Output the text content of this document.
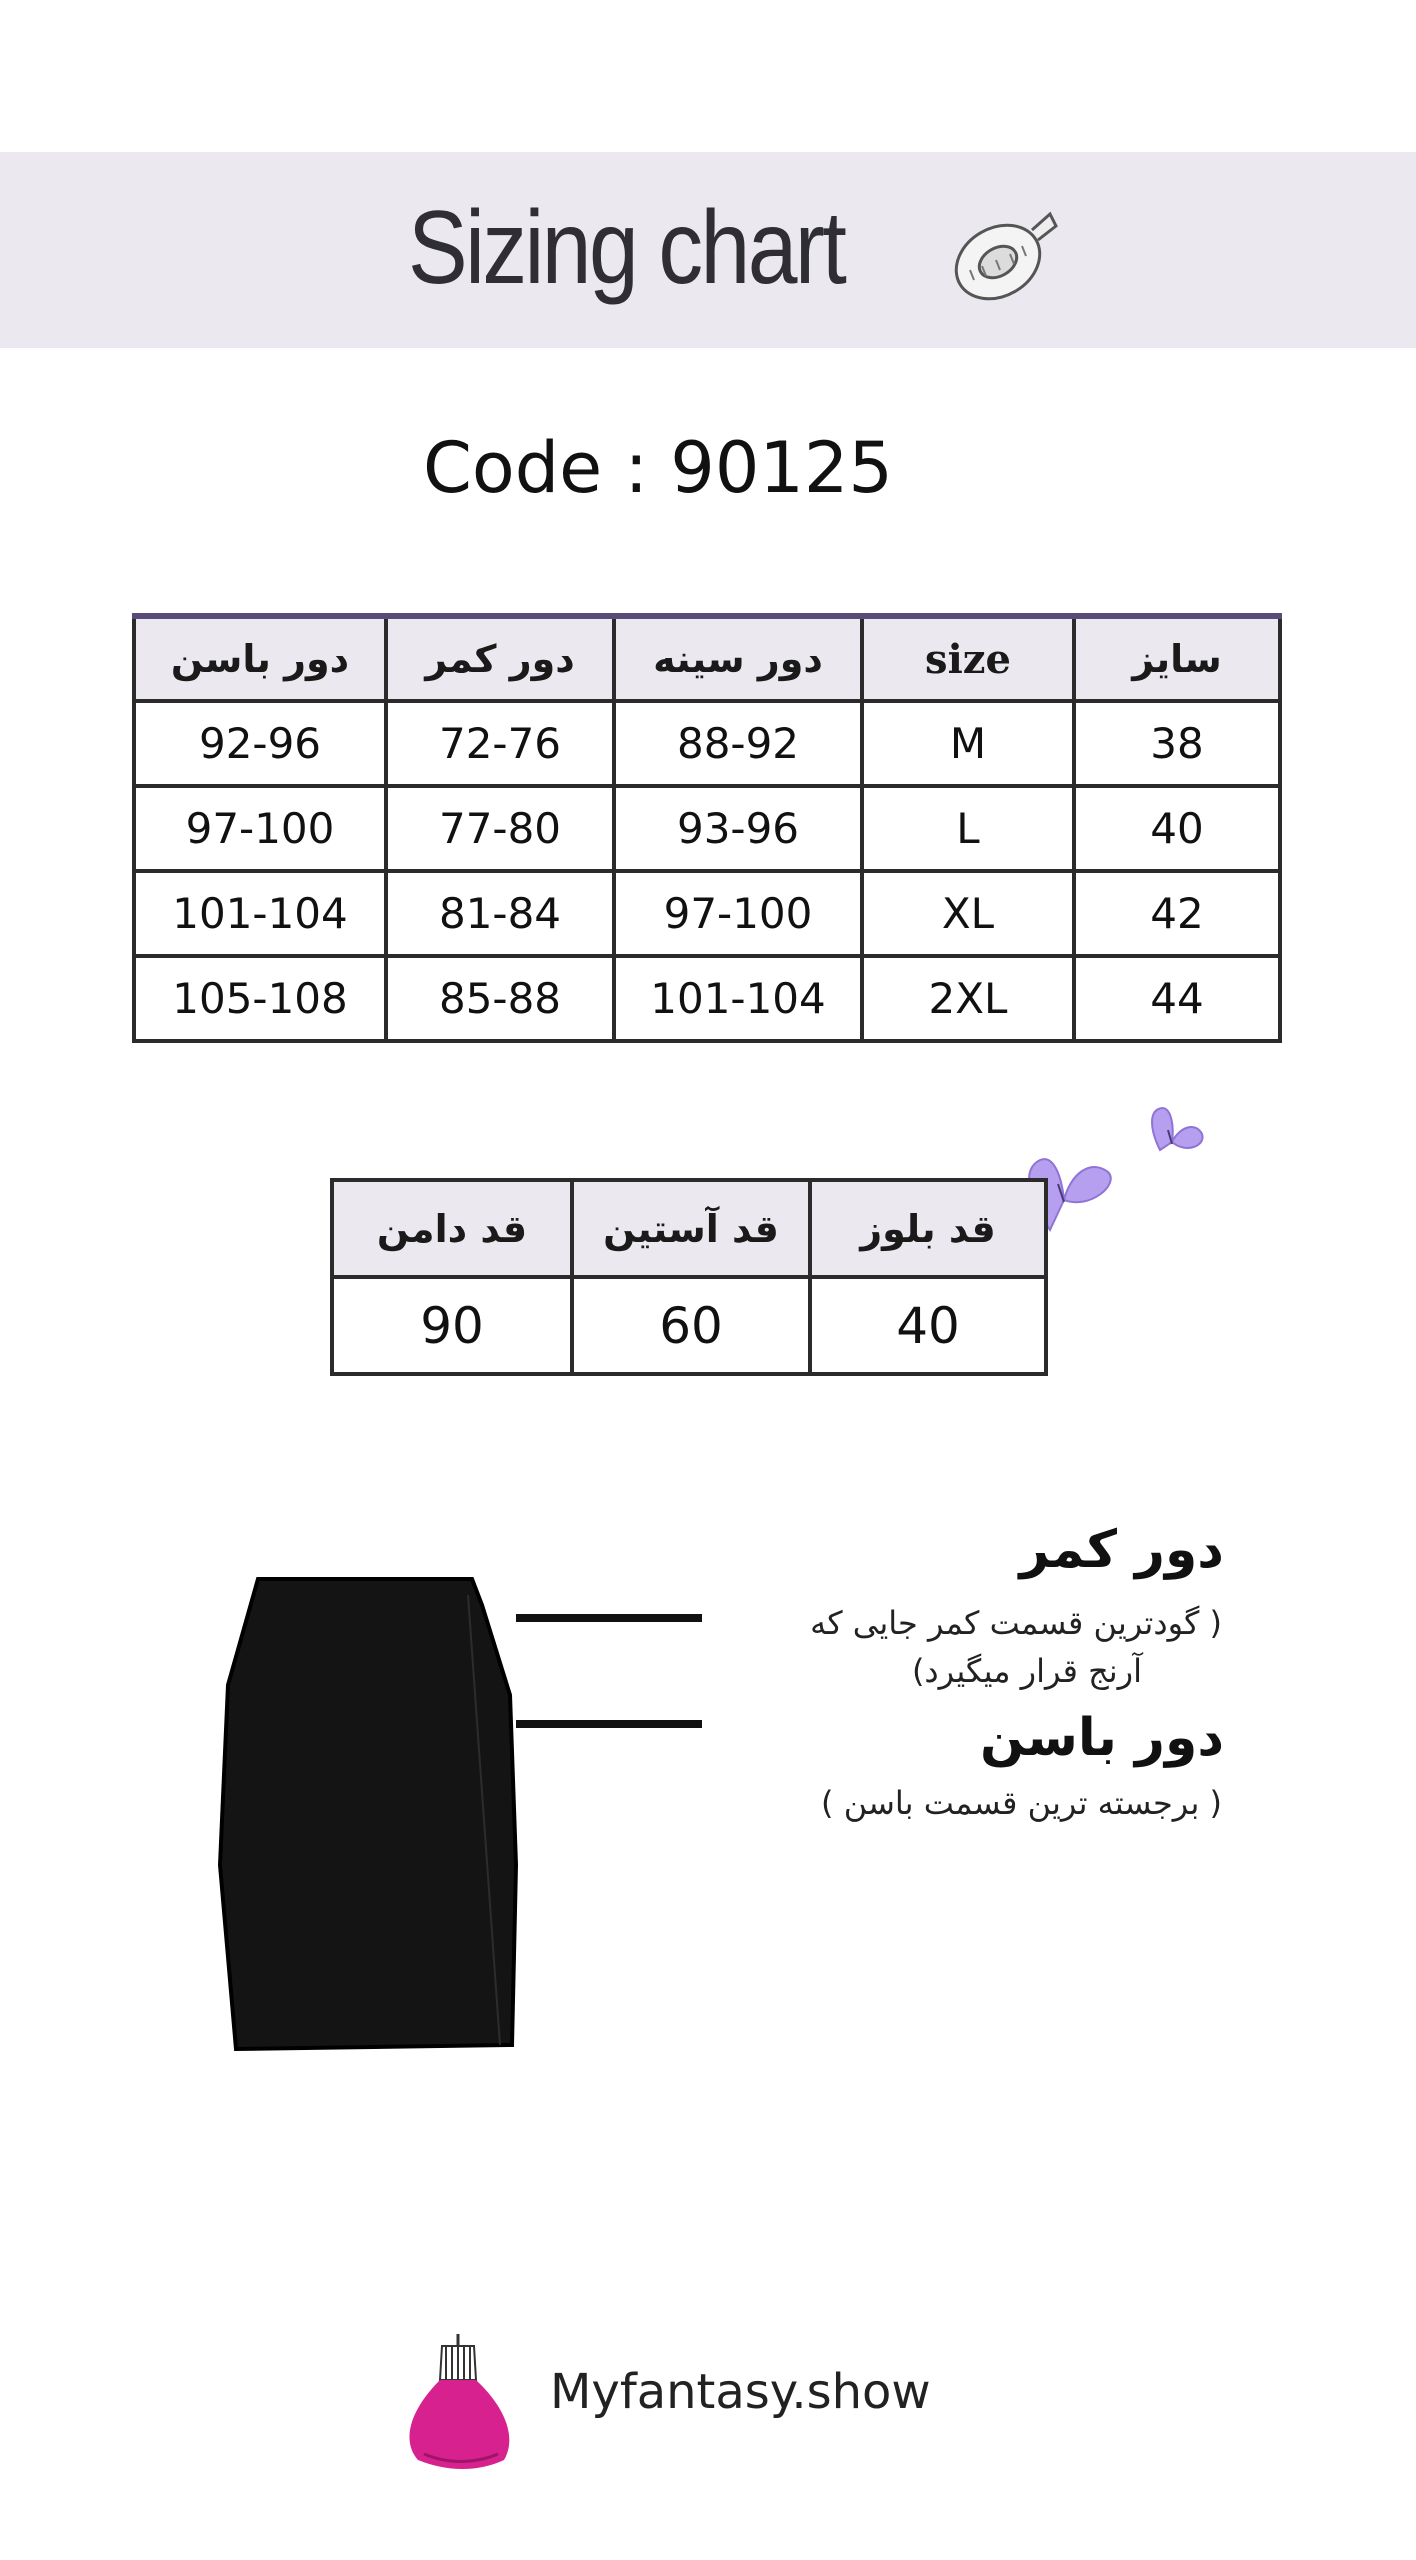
Sizing chart
Code : 90125
دور باسن	دور کمر	دور سینه	size	سایز
92-96	72-76	88-92	M	38
97-100	77-80	93-96	L	40
101-104	81-84	97-100	XL	42
105-108	85-88	101-104	2XL	44
قد دامن	قد آستین	قد بلوز
90	60	40
دور کمر
( گودترین قسمت کمر جایی که
آرنج قرار میگیرد)
دور باسن
( برجسته ترین قسمت باسن )
Myfantasy.show
